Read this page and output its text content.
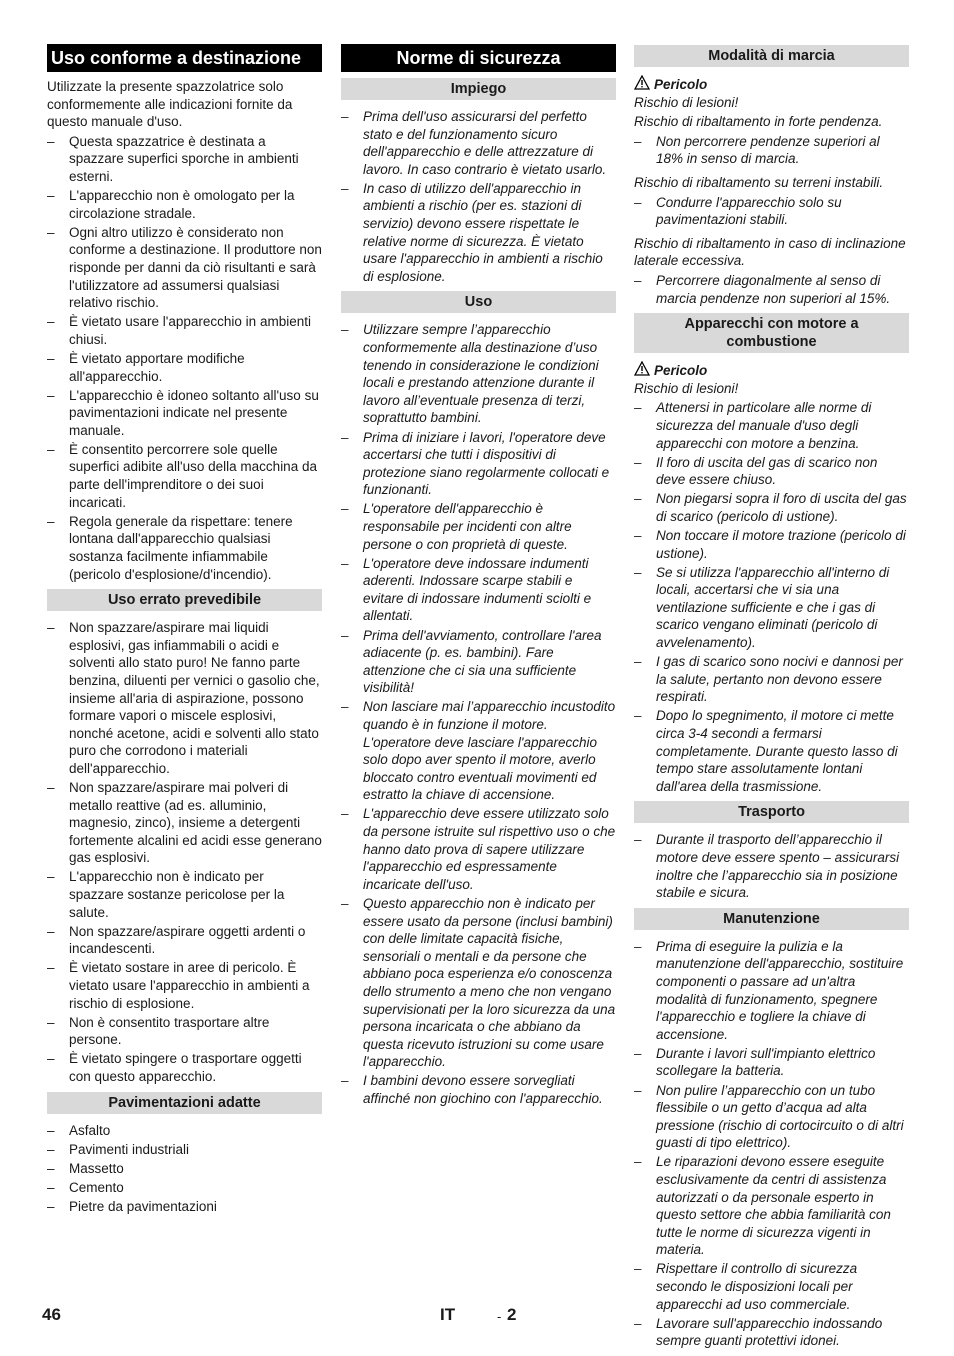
Uso conforme a destinazione
Utilizzate la presente spazzolatrice solo conformemente alle indicazioni fornite da questo manuale d'uso.
– Questa spazzatrice è destinata a spazzare superfici sporche in ambienti esterni.
– L'apparecchio non è omologato per la circolazione stradale.
– Ogni altro utilizzo è considerato non conforme a destinazione. Il produttore non risponde per danni da ciò risultanti e sarà l'utilizzatore ad assumersi qualsiasi relativo rischio.
– È vietato usare l'apparecchio in ambienti chiusi.
– È vietato apportare modifiche all'apparecchio.
– L'apparecchio è idoneo soltanto all'uso su pavimentazioni indicate nel presente manuale.
– È consentito percorrere sole quelle superfici adibite all'uso della macchina da parte dell'imprenditore o dei suoi incaricati.
– Regola generale da rispettare: tenere lontana dall'apparecchio qualsiasi sostanza facilmente infiammabile (pericolo d'esplosione/d'incendio).
Uso errato prevedibile
– Non spazzare/aspirare mai liquidi esplosivi, gas infiammabili o acidi e solventi allo stato puro! Ne fanno parte benzina, diluenti per vernici o gasolio che, insieme all'aria di aspirazione, possono formare vapori o miscele esplosivi, nonché acetone, acidi e solventi allo stato puro che corrodono i materiali dell'apparecchio.
– Non spazzare/aspirare mai polveri di metallo reattive (ad es. alluminio, magnesio, zinco), insieme a detergenti fortemente alcalini ed acidi esse generano gas esplosivi.
– L'apparecchio non è indicato per spazzare sostanze pericolose per la salute.
– Non spazzare/aspirare oggetti ardenti o incandescenti.
– È vietato sostare in aree di pericolo. È vietato usare l'apparecchio in ambienti a rischio di esplosione.
– Non è consentito trasportare altre persone.
– È vietato spingere o trasportare oggetti con questo apparecchio.
Pavimentazioni adatte
– Asfalto
– Pavimenti industriali
– Massetto
– Cemento
– Pietre da pavimentazioni
Norme di sicurezza
Impiego
– Prima dell'uso assicurarsi del perfetto stato e del funzionamento sicuro dell'apparecchio e delle attrezzature di lavoro. In caso contrario è vietato usarlo.
– In caso di utilizzo dell'apparecchio in ambienti a rischio (per es. stazioni di servizio) devono essere rispettate le relative norme di sicurezza. È vietato usare l'apparecchio in ambienti a rischio di esplosione.
Uso
– Utilizzare sempre l’apparecchio conformemente alla destinazione d’uso tenendo in considerazione le condizioni locali e prestando attenzione durante il lavoro all’eventuale presenza di terzi, soprattutto bambini.
– Prima di iniziare i lavori, l'operatore deve accertarsi che tutti i dispositivi di protezione siano regolarmente collocati e funzionanti.
– L'operatore dell'apparecchio è responsabile per incidenti con altre persone o con proprietà di queste.
– L'operatore deve indossare indumenti aderenti. Indossare scarpe stabili e evitare di indossare indumenti sciolti e allentati.
– Prima dell'avviamento, controllare l'area adiacente (p. es. bambini). Fare attenzione che ci sia una sufficiente visibilità!
– Non lasciare mai l’apparecchio incustodito quando è in funzione il motore. L'operatore deve lasciare l'apparecchio solo dopo aver spento il motore, averlo bloccato contro eventuali movimenti ed estratto la chiave di accensione.
– L'apparecchio deve essere utilizzato solo da persone istruite sul rispettivo uso o che hanno dato prova di sapere utilizzare l'apparecchio ed espressamente incaricate dell'uso.
– Questo apparecchio non è indicato per essere usato da persone (inclusi bambini) con delle limitate capacità fisiche, sensoriali o mentali e da persone che abbiano poca esperienza e/o conoscenza dello strumento a meno che non vengano supervisionati per la loro sicurezza da una persona incaricata o che abbiano da questa ricevuto istruzioni su come usare l'apparecchio.
– I bambini devono essere sorvegliati affinché non giochino con l'apparecchio.
Modalità di marcia
Pericolo
Rischio di lesioni!
Rischio di ribaltamento in forte pendenza.
– Non percorrere pendenze superiori al 18% in senso di marcia.
Rischio di ribaltamento su terreni instabili.
– Condurre l'apparecchio solo su pavimentazioni stabili.
Rischio di ribaltamento in caso di inclinazione laterale eccessiva.
– Percorrere diagonalmente al senso di marcia pendenze non superiori al 15%.
Apparecchi con motore a combustione
Pericolo
Rischio di lesioni!
– Attenersi in particolare alle norme di sicurezza del manuale d'uso degli apparecchi con motore a benzina.
– Il foro di uscita del gas di scarico non deve essere chiuso.
– Non piegarsi sopra il foro di uscita del gas di scarico (pericolo di ustione).
– Non toccare il motore trazione (pericolo di ustione).
– Se si utilizza l'apparecchio all'interno di locali, accertarsi che vi sia una ventilazione sufficiente e che i gas di scarico vengano eliminati (pericolo di avvelenamento).
– I gas di scarico sono nocivi e dannosi per la salute, pertanto non devono essere respirati.
– Dopo lo spegnimento, il motore ci mette circa 3-4 secondi a fermarsi completamente. Durante questo lasso di tempo stare assolutamente lontani dall'area della trasmissione.
Trasporto
– Durante il trasporto dell’apparecchio il motore deve essere spento – assicurarsi inoltre che l’apparecchio sia in posizione stabile e sicura.
Manutenzione
– Prima di eseguire la pulizia e la manutenzione dell'apparecchio, sostituire componenti o passare ad un'altra modalità di funzionamento, spegnere l'apparecchio e togliere la chiave di accensione.
– Durante i lavori sull'impianto elettrico scollegare la batteria.
– Non pulire l’apparecchio con un tubo flessibile o un getto d’acqua ad alta pressione (rischio di cortocircuito o di altri guasti di tipo elettrico).
– Le riparazioni devono essere eseguite esclusivamente da centri di assistenza autorizzati o da personale esperto in questo settore che abbia familiarità con tutte le norme di sicurezza vigenti in materia.
– Rispettare il controllo di sicurezza secondo le disposizioni locali per apparecchi ad uso commerciale.
– Lavorare sull'apparecchio indossando sempre guanti protettivi idonei.
46	IT	- 2
